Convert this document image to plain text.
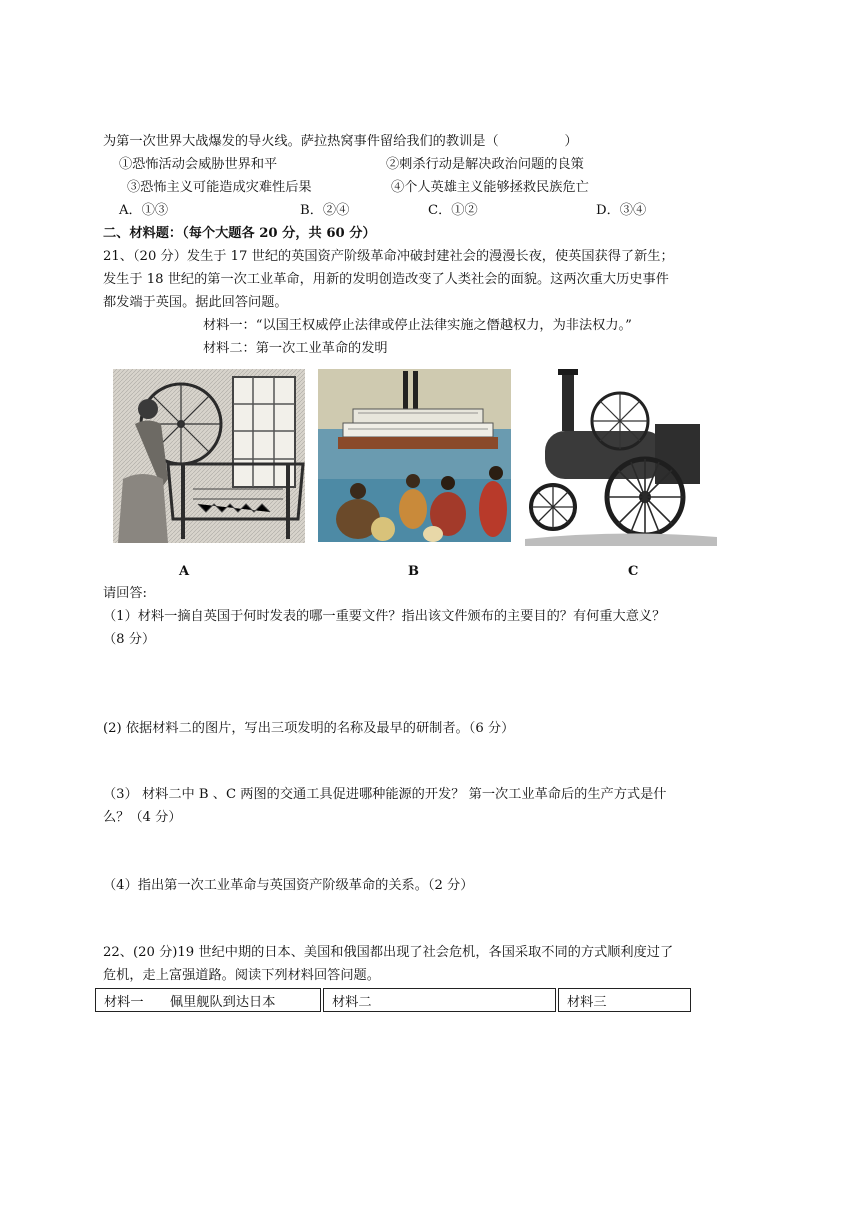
为第一次世界大战爆发的导火线。萨拉热窝事件留给我们的教训是（　　　　　）
①恐怖活动会威胁世界和平	②刺杀行动是解决政治问题的良策
③恐怖主义可能造成灾难性后果	④个人英雄主义能够拯救民族危亡
A．①③	B．②④	C．①②	D．③④
二、材料题：（每个大题各 20 分，共 60 分）
21、（20 分）发生于 17 世纪的英国资产阶级革命冲破封建社会的漫漫长夜，使英国获得了新生；
发生于 18 世纪的第一次工业革命，用新的发明创造改变了人类社会的面貌。这两次重大历史事件
都发端于英国。据此回答问题。
材料一：“以国王权威停止法律或停止法律实施之僭越权力，为非法权力。”
材料二：第一次工业革命的发明
A	B	C
请回答:
（1）材料一摘自英国于何时发表的哪一重要文件？指出该文件颁布的主要目的？有何重大意义？
（8 分）
(2) 依据材料二的图片，写出三项发明的名称及最早的研制者。（6 分）
（3） 材料二中 B 、C 两图的交通工具促进哪种能源的开发？ 第一次工业革命后的生产方式是什
么？（4 分）
（4）指出第一次工业革命与英国资产阶级革命的关系。（2 分）
22、(20 分)19 世纪中期的日本、美国和俄国都出现了社会危机，各国采取不同的方式顺利度过了
危机，走上富强道路。阅读下列材料回答问题。
材料一　　佩里舰队到达日本	材料二	材料三
